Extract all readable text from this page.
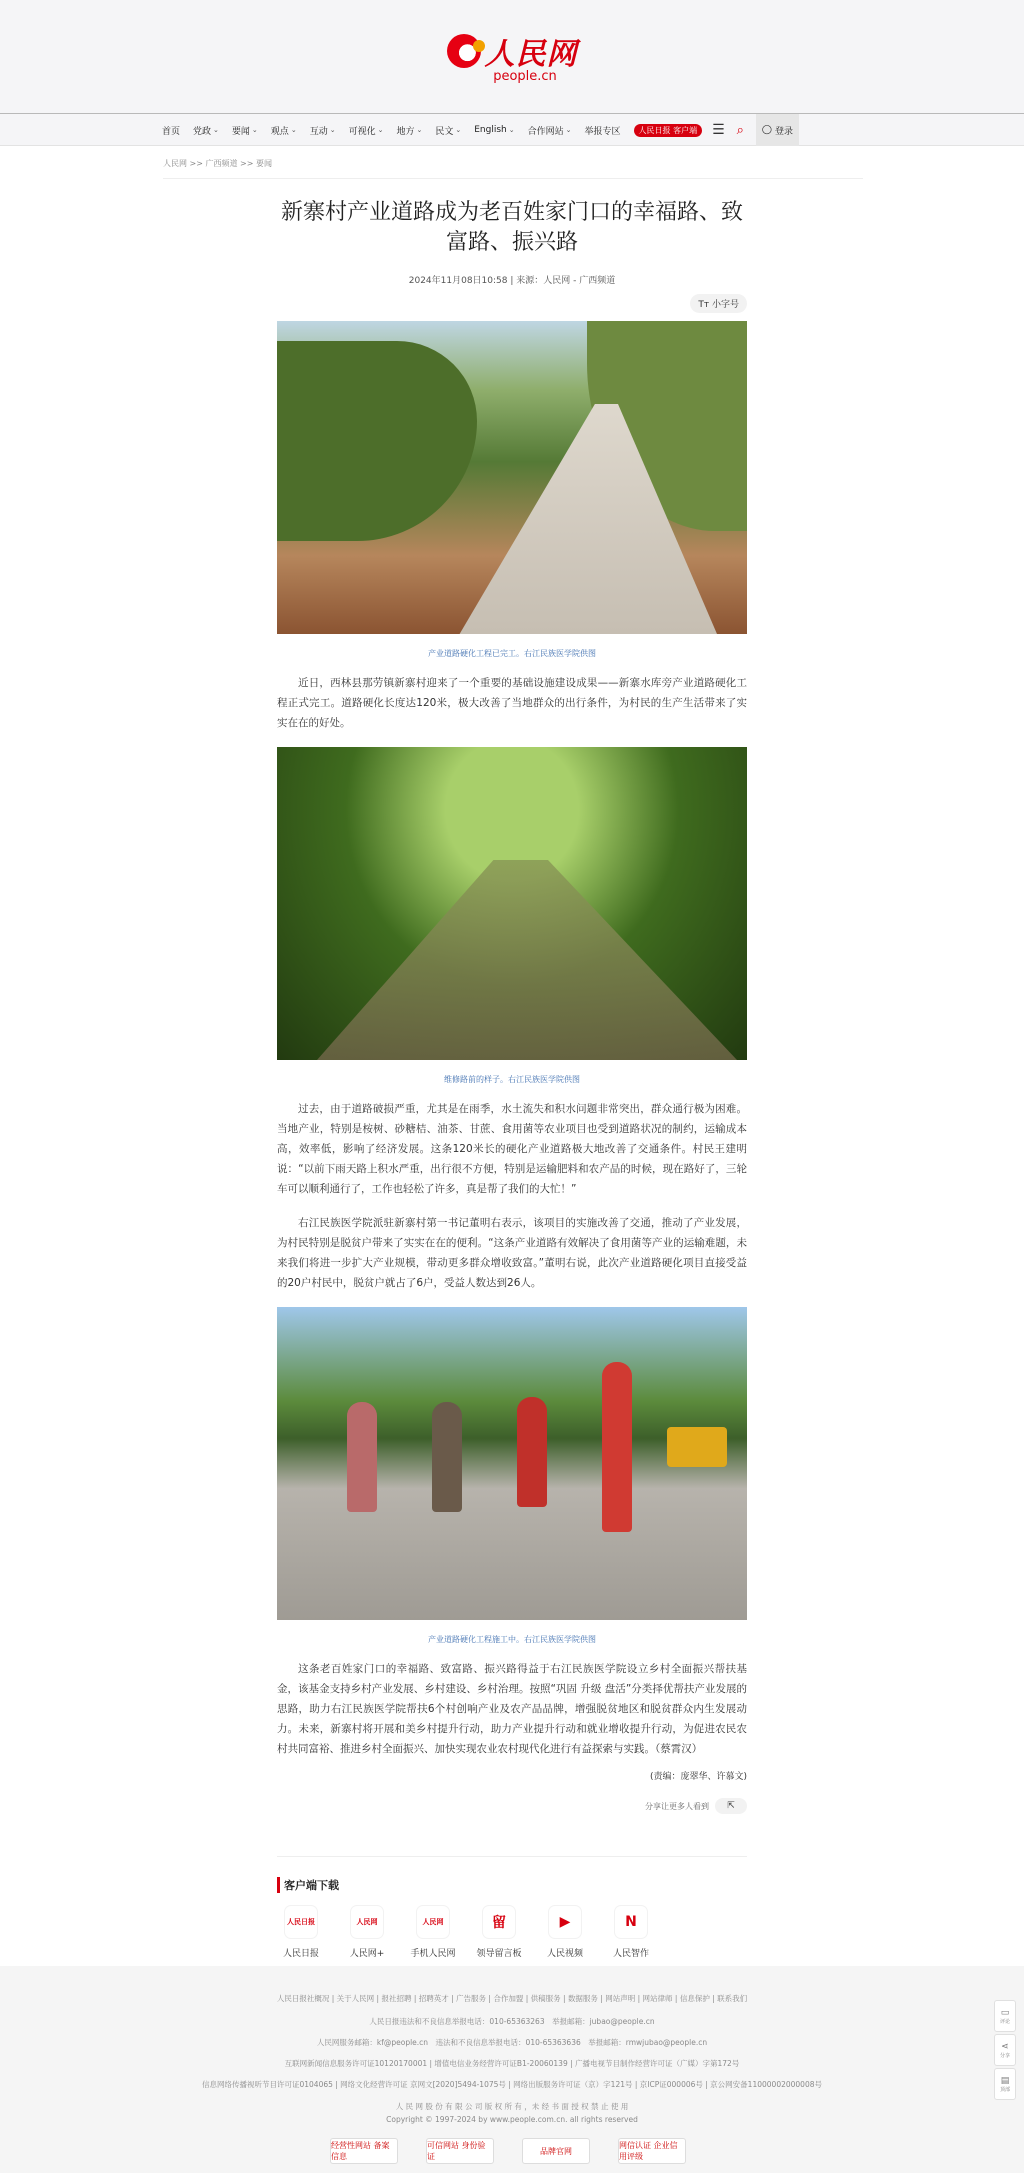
人民网
people.cn
首页 党政 ⌄ 要闻 ⌄ 观点 ⌄ 互动 ⌄ 可视化 ⌄ 地方 ⌄ 民文 ⌄ English ⌄ 合作网站 ⌄ 举报专区	人民日报 客户端	☰ ⌕ ◯ 登录
人民网 >> 广西频道 >> 要闻
新寨村产业道路成为老百姓家门口的幸福路、致富路、振兴路
2024年11月08日10:58 | 来源：人民网 - 广西频道
Tт 小字号
产业道路硬化工程已完工。右江民族医学院供图

近日，西林县那劳镇新寨村迎来了一个重要的基础设施建设成果——新寨水库旁产业道路硬化工程正式完工。道路硬化长度达120米，极大改善了当地群众的出行条件，为村民的生产生活带来了实实在在的好处。

维修路前的样子。右江民族医学院供图

过去，由于道路破损严重，尤其是在雨季，水土流失和积水问题非常突出，群众通行极为困难。当地产业，特别是桉树、砂糖桔、油茶、甘蔗、食用菌等农业项目也受到道路状况的制约，运输成本高，效率低，影响了经济发展。这条120米长的硬化产业道路极大地改善了交通条件。村民王建明说：“以前下雨天路上积水严重，出行很不方便，特别是运输肥料和农产品的时候，现在路好了，三轮车可以顺利通行了，工作也轻松了许多，真是帮了我们的大忙！”

右江民族医学院派驻新寨村第一书记董明右表示，该项目的实施改善了交通，推动了产业发展，为村民特别是脱贫户带来了实实在在的便利。“这条产业道路有效解决了食用菌等产业的运输难题，未来我们将进一步扩大产业规模，带动更多群众增收致富。”董明右说，此次产业道路硬化项目直接受益的20户村民中，脱贫户就占了6户，受益人数达到26人。

产业道路硬化工程施工中。右江民族医学院供图

这条老百姓家门口的幸福路、致富路、振兴路得益于右江民族医学院设立乡村全面振兴帮扶基金，该基金支持乡村产业发展、乡村建设、乡村治理。按照“巩固 升级 盘活”分类择优帮扶产业发展的思路，助力右江民族医学院帮扶6个村创响产业及农产品品牌，增强脱贫地区和脱贫群众内生发展动力。未来，新寨村将开展和美乡村提升行动，助力产业提升行动和就业增收提升行动，为促进农民农村共同富裕、推进乡村全面振兴、加快实现农业农村现代化进行有益探索与实践。（蔡霄汉）

(责编：庞翠华、许慕文)
分享让更多人看到 ⇱
客户端下载
人民日报
人民日报
人民网
人民网+
人民网
手机人民网
留
领导留言板
▶
人民视频
N
人民智作
人民日报社概况 | 关于人民网 | 报社招聘 | 招聘英才 | 广告服务 | 合作加盟 | 供稿服务 | 数据服务 | 网站声明 | 网站律师 | 信息保护 | 联系我们
人民日报违法和不良信息举报电话：010-65363263　举报邮箱：jubao@people.cn
人民网服务邮箱：kf@people.cn　违法和不良信息举报电话：010-65363636　举报邮箱：rmwjubao@people.cn
互联网新闻信息服务许可证10120170001 | 增值电信业务经营许可证B1-20060139 | 广播电视节目制作经营许可证（广媒）字第172号
信息网络传播视听节目许可证0104065 | 网络文化经营许可证 京网文[2020]5494-1075号 | 网络出版服务许可证（京）字121号 | 京ICP证000006号 | 京公网安备11000002000008号
人 民 网 股 份 有 限 公 司 版 权 所 有 ，未 经 书 面 授 权 禁 止 使 用
Copyright © 1997-2024 by www.people.com.cn. all rights reserved
经营性网站 备案信息
可信网站 身份验证
品牌官网
网信认证 企业信用评级
▭
评论
⋖
分享
▤
顶部
